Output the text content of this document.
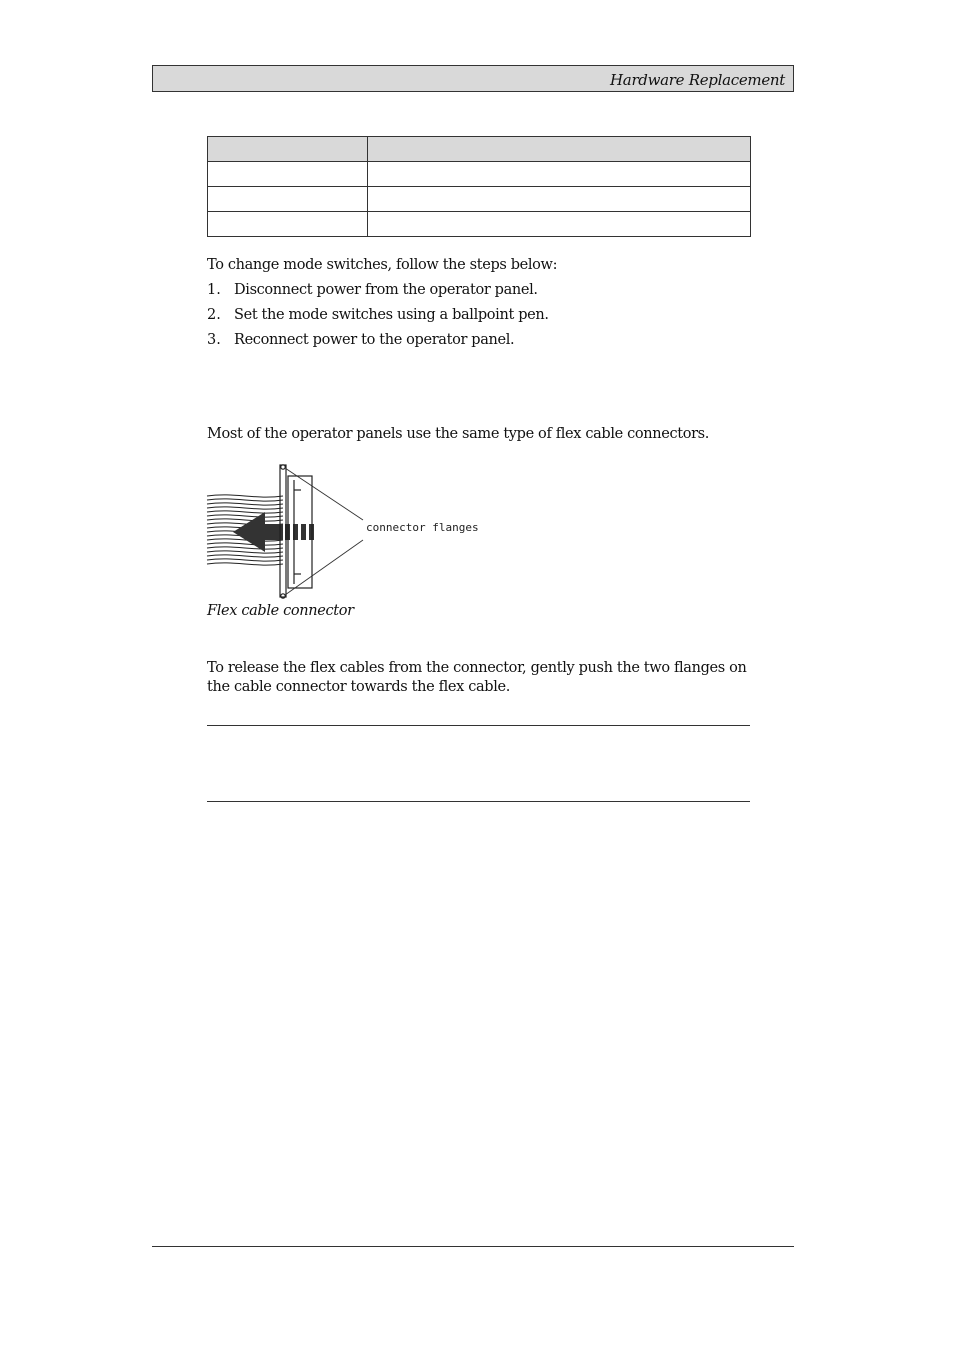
Hardware Replacement

To change mode switches, follow the steps below:

1. Disconnect power from the operator panel.
2. Set the mode switches using a ballpoint pen.
3. Reconnect power to the operator panel.

Most of the operator panels use the same type of flex cable connectors.

connector flanges
Flex cable connector
To release the flex cables from the connector, gently push the two flanges on the cable connector towards the flex cable.
